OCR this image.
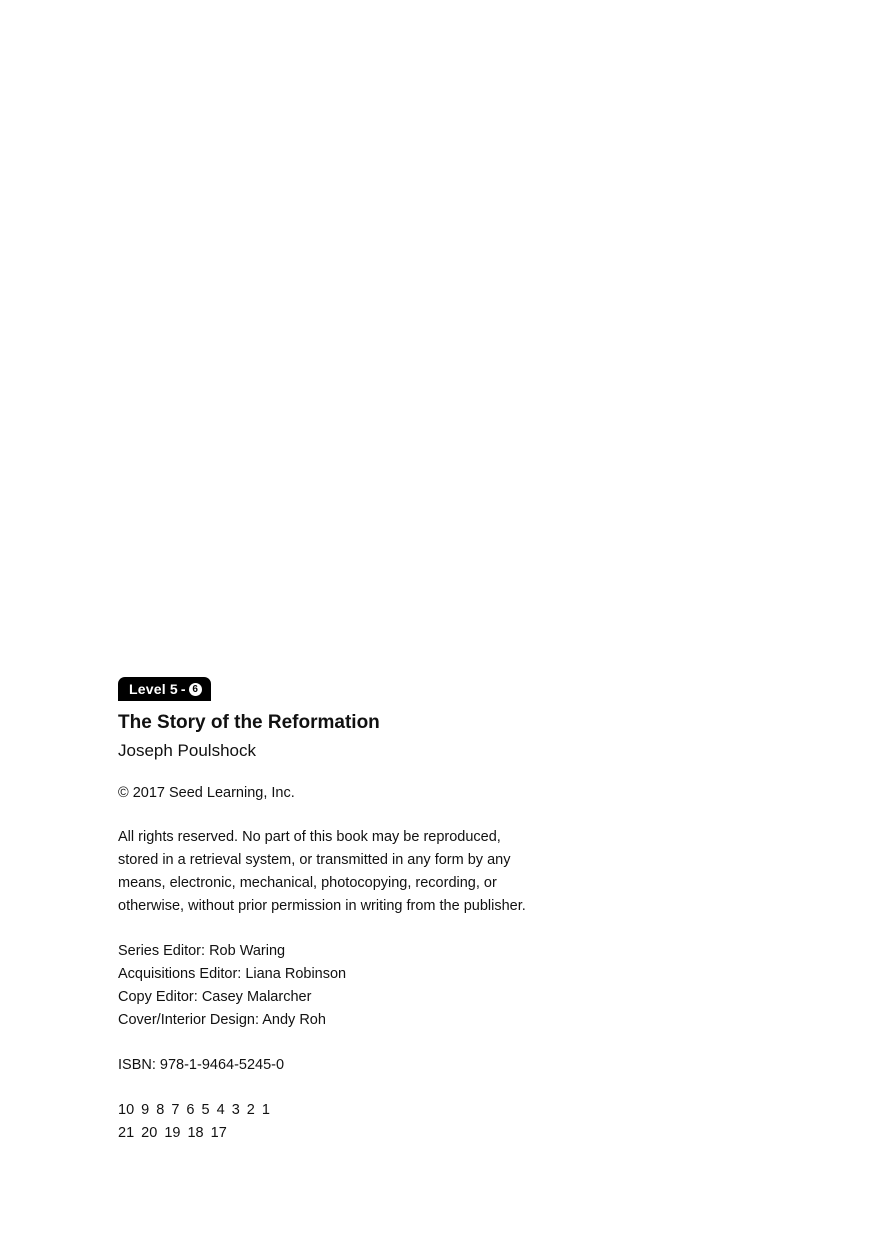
Level 5 - 6
The Story of the Reformation
Joseph Poulshock
© 2017 Seed Learning, Inc.
All rights reserved. No part of this book may be reproduced,
stored in a retrieval system, or transmitted in any form by any
means, electronic, mechanical, photocopying, recording, or
otherwise, without prior permission in writing from the publisher.
Series Editor: Rob Waring
Acquisitions Editor: Liana Robinson
Copy Editor: Casey Malarcher
Cover/Interior Design: Andy Roh
ISBN: 978-1-9464-5245-0
10 9 8 7 6 5 4 3 2 1
21 20 19 18 17
